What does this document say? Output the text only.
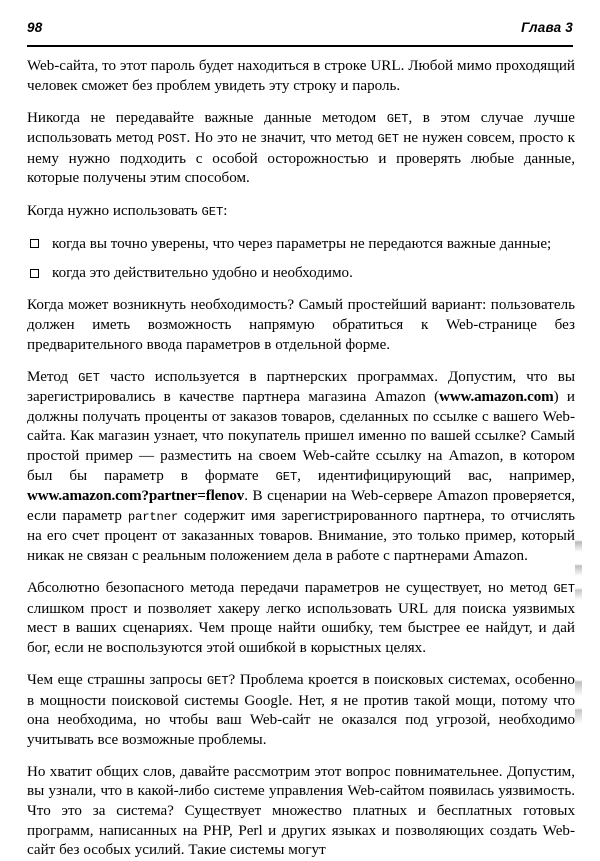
98	Глава 3

Web-сайта, то этот пароль будет находиться в строке URL. Любой мимо проходящий человек сможет без проблем увидеть эту строку и пароль.

Никогда не передавайте важные данные методом GET, в этом случае лучше использовать метод POST. Но это не значит, что метод GET не нужен совсем, просто к нему нужно подходить с особой осторожностью и проверять любые данные, которые получены этим способом.

Когда нужно использовать GET:

когда вы точно уверены, что через параметры не передаются важные данные;
когда это действительно удобно и необходимо.

Когда может возникнуть необходимость? Самый простейший вариант: пользователь должен иметь возможность напрямую обратиться к Web-странице без предварительного ввода параметров в отдельной форме.

Метод GET часто используется в партнерских программах. Допустим, что вы зарегистрировались в качестве партнера магазина Amazon (www.amazon.com) и должны получать проценты от заказов товаров, сделанных по ссылке с вашего Web-сайта. Как магазин узнает, что покупатель пришел именно по вашей ссылке? Самый простой пример — разместить на своем Web-сайте ссылку на Amazon, в котором был бы параметр в формате GET, идентифицирующий вас, например, www.amazon.com?partner=flenov. В сценарии на Web-сервере Amazon проверяется, если параметр partner содержит имя зарегистрированного партнера, то отчислять на его счет процент от заказанных товаров. Внимание, это только пример, который никак не связан с реальным положением дела в работе с партнерами Amazon.

Абсолютно безопасного метода передачи параметров не существует, но метод GET слишком прост и позволяет хакеру легко использовать URL для поиска уязвимых мест в ваших сценариях. Чем проще найти ошибку, тем быстрее ее найдут, и дай бог, если не воспользуются этой ошибкой в корыстных целях.

Чем еще страшны запросы GET? Проблема кроется в поисковых системах, особенно в мощности поисковой системы Google. Нет, я не против такой мощи, потому что она необходима, но чтобы ваш Web-сайт не оказался под угрозой, необходимо учитывать все возможные проблемы.

Но хватит общих слов, давайте рассмотрим этот вопрос повнимательнее. Допустим, вы узнали, что в какой-либо системе управления Web-сайтом появилась уязвимость. Что это за система? Существует множество платных и бесплатных готовых программ, написанных на PHP, Perl и других языках и позволяющих создать Web-сайт без особых усилий. Такие системы могут
